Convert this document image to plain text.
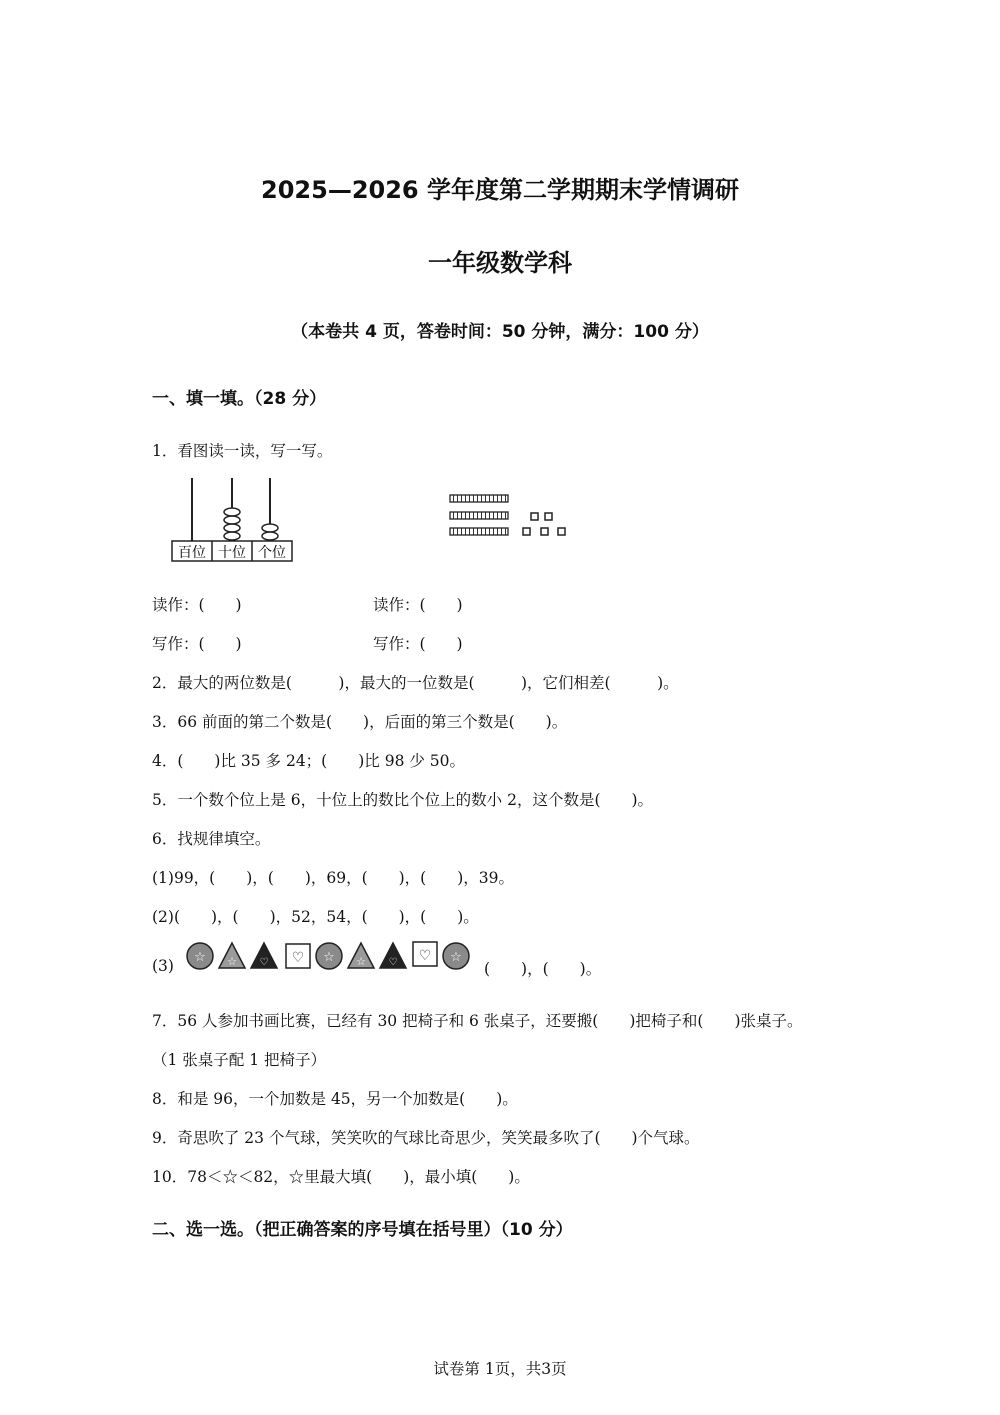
2025—2026 学年度第二学期期末学情调研
一年级数学科
（本卷共 4 页，答卷时间：50 分钟，满分：100 分）
一、填一填。（28 分）
1．看图读一读，写一写。
百位 十位 个位
读作：(　　)	读作：(　　)
写作：(　　)	写作：(　　)
2．最大的两位数是(　　　)，最大的一位数是(　　　)，它们相差(　　　)。
3．66 前面的第二个数是(　　)，后面的第三个数是(　　)。
4．(　　)比 35 多 24；(　　)比 98 少 50。
5．一个数个位上是 6，十位上的数比个位上的数小 2，这个数是(　　)。
6．找规律填空。
(1)99，(　　)，(　　)，69，(　　)，(　　)，39。
(2)(　　)，(　　)，52，54，(　　)，(　　)。
(3) ☆ ☆ ♡ ♡ ☆ ☆ ♡ ♡ ☆
(　　)，(　　)。
7．56 人参加书画比赛，已经有 30 把椅子和 6 张桌子，还要搬(　　)把椅子和(　　)张桌子。
（1 张桌子配 1 把椅子）
8．和是 96，一个加数是 45，另一个加数是(　　)。
9．奇思吹了 23 个气球，笑笑吹的气球比奇思少，笑笑最多吹了(　　)个气球。
10．78＜☆＜82，☆里最大填(　　)，最小填(　　)。
二、选一选。（把正确答案的序号填在括号里）（10 分）
试卷第 1页，共3页
